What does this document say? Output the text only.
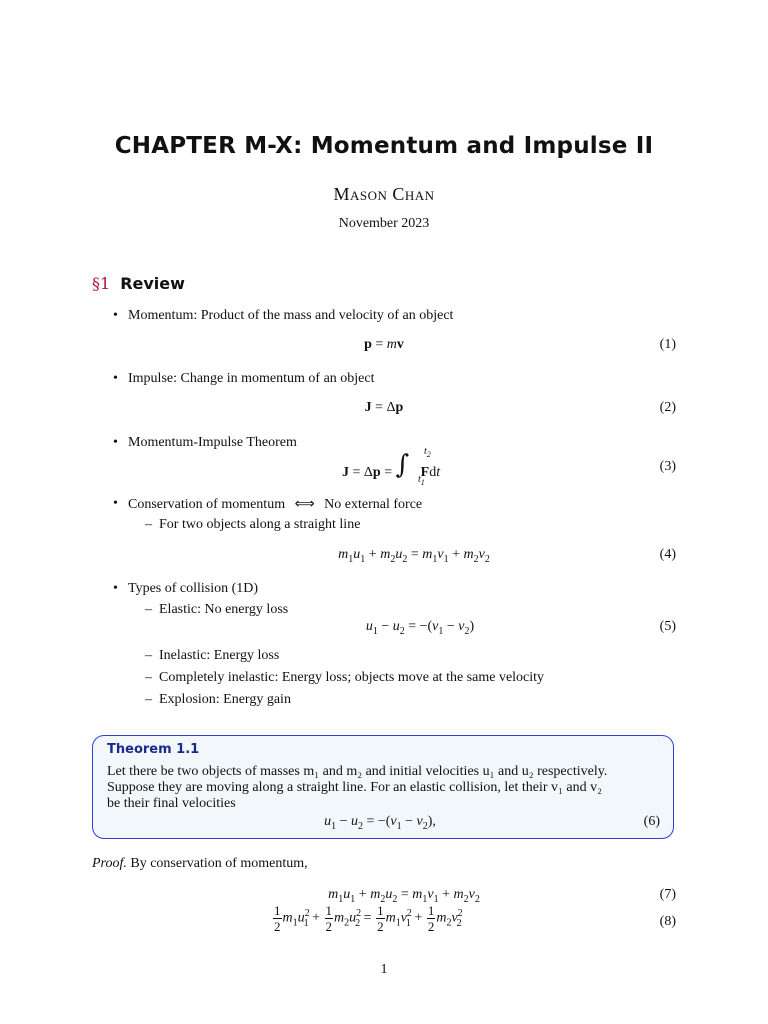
CHAPTER M-X: Momentum and Impulse II
Mason Chan
November 2023
§1 Review
• Momentum: Product of the mass and velocity of an object
p = mv	(1)
• Impulse: Change in momentum of an object
J = Δp	(2)
• Momentum-Impulse Theorem
J = Δp = ∫ $t_2$
$t_1$
Fdt	(3)
• Conservation of momentum ⟺ No external force
– For two objects along a straight line
$m_1u_1 + m_2u_2 = m_1v_1 + m_2v_2$	(4)
• Types of collision (1D)
– Elastic: No energy loss
$u_1 - u_2 = -(v_1 - v_2)$	(5)
– Inelastic: Energy loss
– Completely inelastic: Energy loss; objects move at the same velocity
– Explosion: Energy gain
Theorem 1.1
Let there be two objects of masses m₁ and m₂ and initial velocities u₁ and u₂ respectively.
Suppose they are moving along a straight line. For an elastic collision, let their v₁ and v₂
be their final velocities
$u_1 - u_2 = -(v_1 - v_2)$,	(6)
Proof. By conservation of momentum,
$m_1u_1 + m_2u_2 = m_1v_1 + m_2v_2$	(7)
$\frac{1}{2} m_1u^2_1 + \frac{1}{2} m_2u^2_2 = \frac{1}{2} m_1v^2_1 + \frac{1}{2} m_2v^2_2$	(8)
1
